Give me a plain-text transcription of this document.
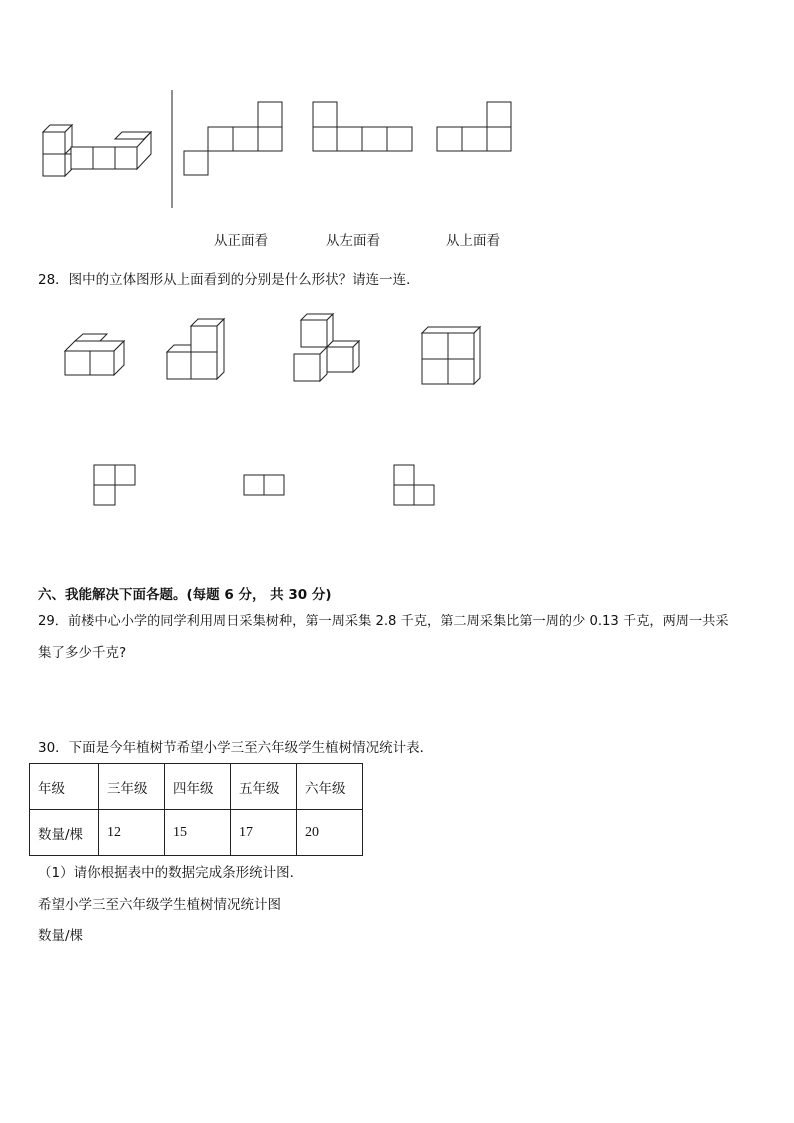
从正面看	从左面看	从上面看
28．图中的立体图形从上面看到的分别是什么形状？请连一连．
六、我能解决下面各题。(每题 6 分， 共 30 分)
29．前楼中心小学的同学利用周日采集树种，第一周采集 2.8 千克，第二周采集比第一周的少 0.13 千克，两周一共采
集了多少千克?
30．下面是今年植树节希望小学三至六年级学生植树情况统计表．
年级	三年级	四年级	五年级	六年级
数量/棵	12	15	17	20
（1）请你根据表中的数据完成条形统计图.
希望小学三至六年级学生植树情况统计图
数量/棵
